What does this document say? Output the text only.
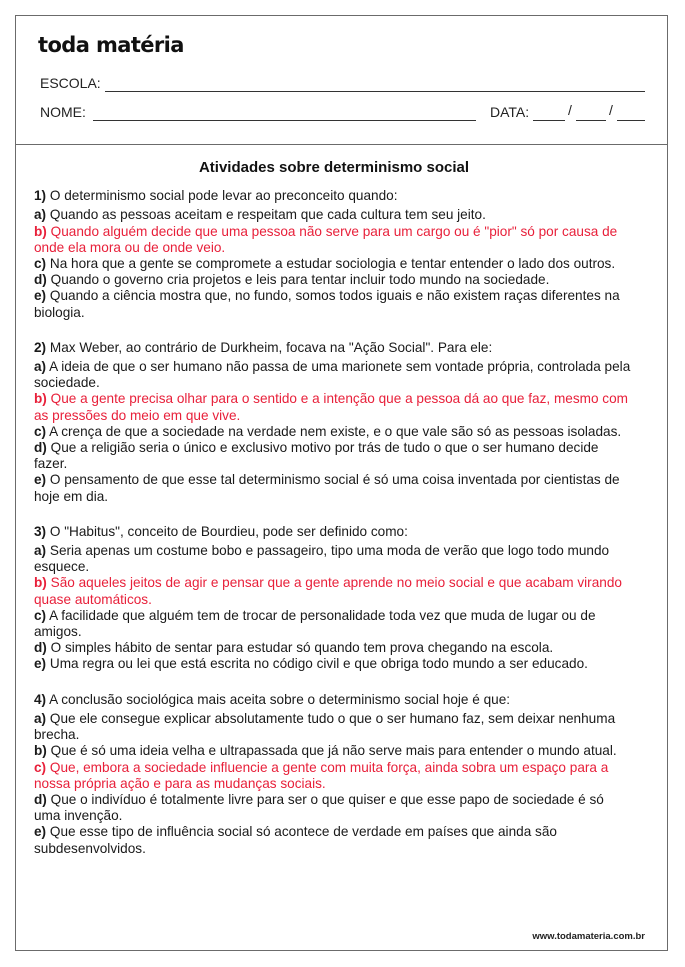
toda matéria
ESCOLA:
NOME:	DATA:	/	/
www.todamateria.com.br
Atividades sobre determinismo social
1) O determinismo social pode levar ao preconceito quando:
a) Quando as pessoas aceitam e respeitam que cada cultura tem seu jeito.
b) Quando alguém decide que uma pessoa não serve para um cargo ou é "pior" só por causa de onde ela mora ou de onde veio.
c) Na hora que a gente se compromete a estudar sociologia e tentar entender o lado dos outros.
d) Quando o governo cria projetos e leis para tentar incluir todo mundo na sociedade.
e) Quando a ciência mostra que, no fundo, somos todos iguais e não existem raças diferentes na biologia.
2) Max Weber, ao contrário de Durkheim, focava na "Ação Social". Para ele:
a) A ideia de que o ser humano não passa de uma marionete sem vontade própria, controlada pela sociedade.
b) Que a gente precisa olhar para o sentido e a intenção que a pessoa dá ao que faz, mesmo com as pressões do meio em que vive.
c) A crença de que a sociedade na verdade nem existe, e o que vale são só as pessoas isoladas.
d) Que a religião seria o único e exclusivo motivo por trás de tudo o que o ser humano decide fazer.
e) O pensamento de que esse tal determinismo social é só uma coisa inventada por cientistas de hoje em dia.
3) O "Habitus", conceito de Bourdieu, pode ser definido como:
a) Seria apenas um costume bobo e passageiro, tipo uma moda de verão que logo todo mundo esquece.
b) São aqueles jeitos de agir e pensar que a gente aprende no meio social e que acabam virando quase automáticos.
c) A facilidade que alguém tem de trocar de personalidade toda vez que muda de lugar ou de amigos.
d) O simples hábito de sentar para estudar só quando tem prova chegando na escola.
e) Uma regra ou lei que está escrita no código civil e que obriga todo mundo a ser educado.
4) A conclusão sociológica mais aceita sobre o determinismo social hoje é que:
a) Que ele consegue explicar absolutamente tudo o que o ser humano faz, sem deixar nenhuma brecha.
b) Que é só uma ideia velha e ultrapassada que já não serve mais para entender o mundo atual.
c) Que, embora a sociedade influencie a gente com muita força, ainda sobra um espaço para a nossa própria ação e para as mudanças sociais.
d) Que o indivíduo é totalmente livre para ser o que quiser e que esse papo de sociedade é só uma invenção.
e) Que esse tipo de influência social só acontece de verdade em países que ainda são subdesenvolvidos.
